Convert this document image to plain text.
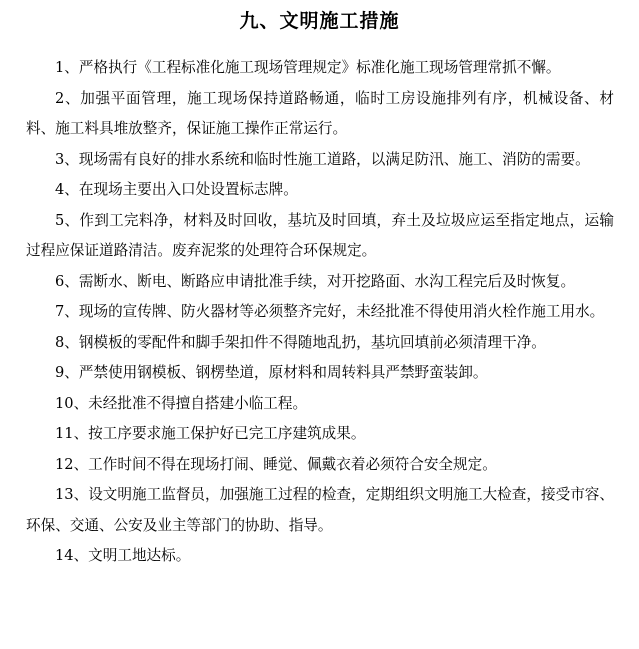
九、文明施工措施

1、严格执行《工程标准化施工现场管理规定》标准化施工现场管理常抓不懈。

2、加强平面管理，施工现场保持道路畅通，临时工房设施排列有序，机械设备、材料、施工料具堆放整齐，保证施工操作正常运行。

3、现场需有良好的排水系统和临时性施工道路，以满足防汛、施工、消防的需要。

4、在现场主要出入口处设置标志牌。

5、作到工完料净，材料及时回收，基坑及时回填，弃土及垃圾应运至指定地点，运输过程应保证道路清洁。废弃泥浆的处理符合环保规定。

6、需断水、断电、断路应申请批准手续，对开挖路面、水沟工程完后及时恢复。

7、现场的宣传牌、防火器材等必须整齐完好，未经批准不得使用消火栓作施工用水。

8、钢模板的零配件和脚手架扣件不得随地乱扔，基坑回填前必须清理干净。

9、严禁使用钢模板、钢楞垫道，原材料和周转料具严禁野蛮装卸。

10、未经批准不得擅自搭建小临工程。

11、按工序要求施工保护好已完工序建筑成果。

12、工作时间不得在现场打闹、睡觉、佩戴衣着必须符合安全规定。

13、设文明施工监督员，加强施工过程的检查，定期组织文明施工大检查，接受市容、环保、交通、公安及业主等部门的协助、指导。

14、文明工地达标。
